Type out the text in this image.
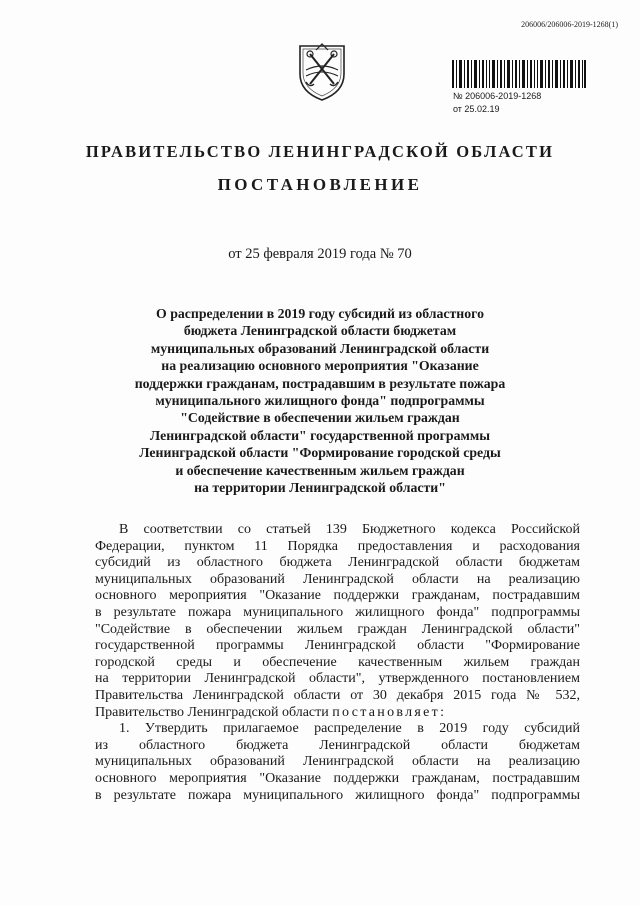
206006/206006-2019-1268(1)
№ 206006-2019-1268
от 25.02.19
ПРАВИТЕЛЬСТВО ЛЕНИНГРАДСКОЙ ОБЛАСТИ
ПОСТАНОВЛЕНИЕ
от 25 февраля 2019 года № 70
О распределении в 2019 году субсидий из областного
бюджета Ленинградской области бюджетам
муниципальных образований Ленинградской области
на реализацию основного мероприятия "Оказание
поддержки гражданам, пострадавшим в результате пожара
муниципального жилищного фонда" подпрограммы
"Содействие в обеспечении жильем граждан
Ленинградской области" государственной программы
Ленинградской области "Формирование городской среды
и обеспечение качественным жильем граждан
на территории Ленинградской области"

В соответствии со статьей 139 Бюджетного кодекса Российской

Федерации, пунктом 11 Порядка предоставления и расходования

субсидий из областного бюджета Ленинградской области бюджетам

муниципальных образований Ленинградской области на реализацию

основного мероприятия "Оказание поддержки гражданам, пострадавшим

в результате пожара муниципального жилищного фонда" подпрограммы

"Содействие в обеспечении жильем граждан Ленинградской области"

государственной программы Ленинградской области "Формирование

городской среды и обеспечение качественным жильем граждан

на территории Ленинградской области", утвержденного постановлением

Правительства Ленинградской области от 30 декабря 2015 года № 532,

Правительство Ленинградской области постановляет:

1. Утвердить прилагаемое распределение в 2019 году субсидий

из областного бюджета Ленинградской области бюджетам

муниципальных образований Ленинградской области на реализацию

основного мероприятия "Оказание поддержки гражданам, пострадавшим

в результате пожара муниципального жилищного фонда" подпрограммы
